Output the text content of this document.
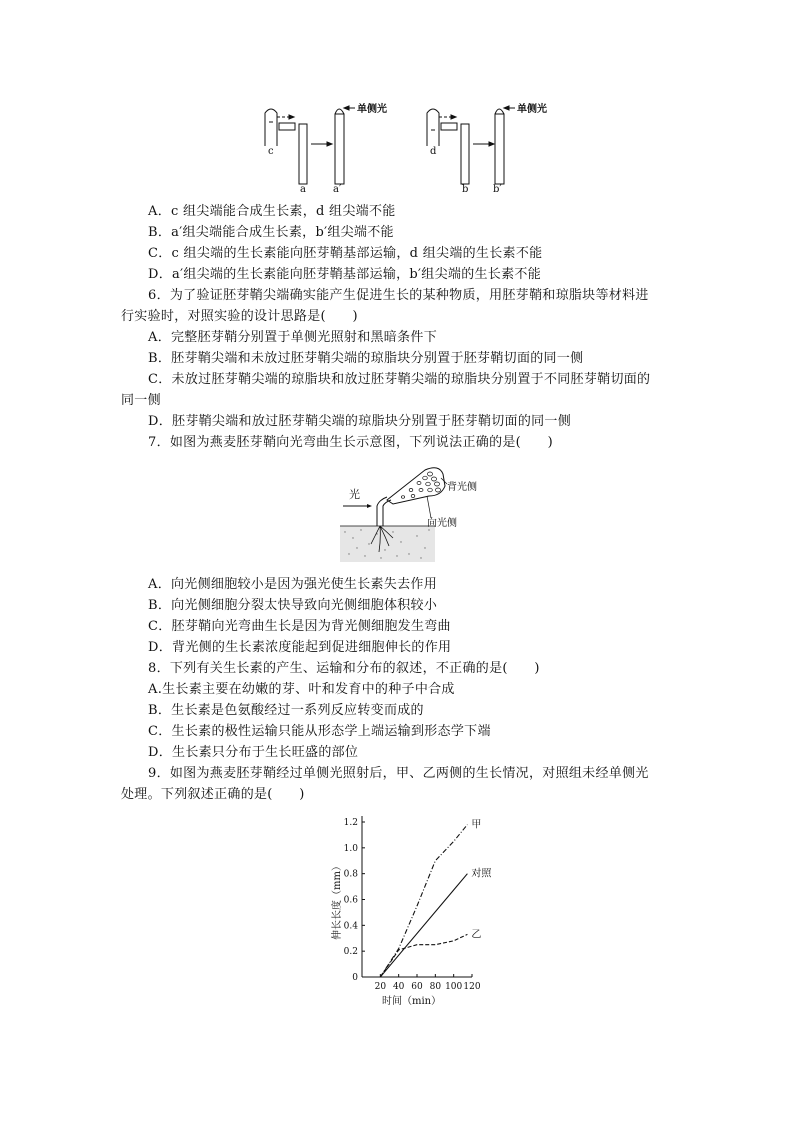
单侧光	单侧光
c
a	a′
d
b b′
A．c 组尖端能合成生长素，d 组尖端不能
B．a′组尖端能合成生长素，b′组尖端不能
C．c 组尖端的生长素能向胚芽鞘基部运输，d 组尖端的生长素不能
D．a′组尖端的生长素能向胚芽鞘基部运输，b′组尖端的生长素不能
6．为了验证胚芽鞘尖端确实能产生促进生长的某种物质，用胚芽鞘和琼脂块等材料进
行实验时，对照实验的设计思路是(　　)
A．完整胚芽鞘分别置于单侧光照射和黑暗条件下
B．胚芽鞘尖端和未放过胚芽鞘尖端的琼脂块分别置于胚芽鞘切面的同一侧
C．未放过胚芽鞘尖端的琼脂块和放过胚芽鞘尖端的琼脂块分别置于不同胚芽鞘切面的
同一侧
D．胚芽鞘尖端和放过胚芽鞘尖端的琼脂块分别置于胚芽鞘切面的同一侧
7．如图为燕麦胚芽鞘向光弯曲生长示意图，下列说法正确的是(　　)
光
背光侧
向光侧
A．向光侧细胞较小是因为强光使生长素失去作用
B．向光侧细胞分裂太快导致向光侧细胞体积较小
C．胚芽鞘向光弯曲生长是因为背光侧细胞发生弯曲
D．背光侧的生长素浓度能起到促进细胞伸长的作用
8．下列有关生长素的产生、运输和分布的叙述，不正确的是(　　)
A.生长素主要在幼嫩的芽、叶和发育中的种子中合成
B．生长素是色氨酸经过一系列反应转变而成的
C．生长素的极性运输只能从形态学上端运输到形态学下端
D．生长素只分布于生长旺盛的部位
9．如图为燕麦胚芽鞘经过单侧光照射后，甲、乙两侧的生长情况，对照组未经单侧光
处理。下列叙述正确的是(　　)
0
0.2
0.4
0.6
0.8
1.0
1.2
20 40 60 80 100 120
甲
对照
乙
时间（min）
伸长长度（mm）
